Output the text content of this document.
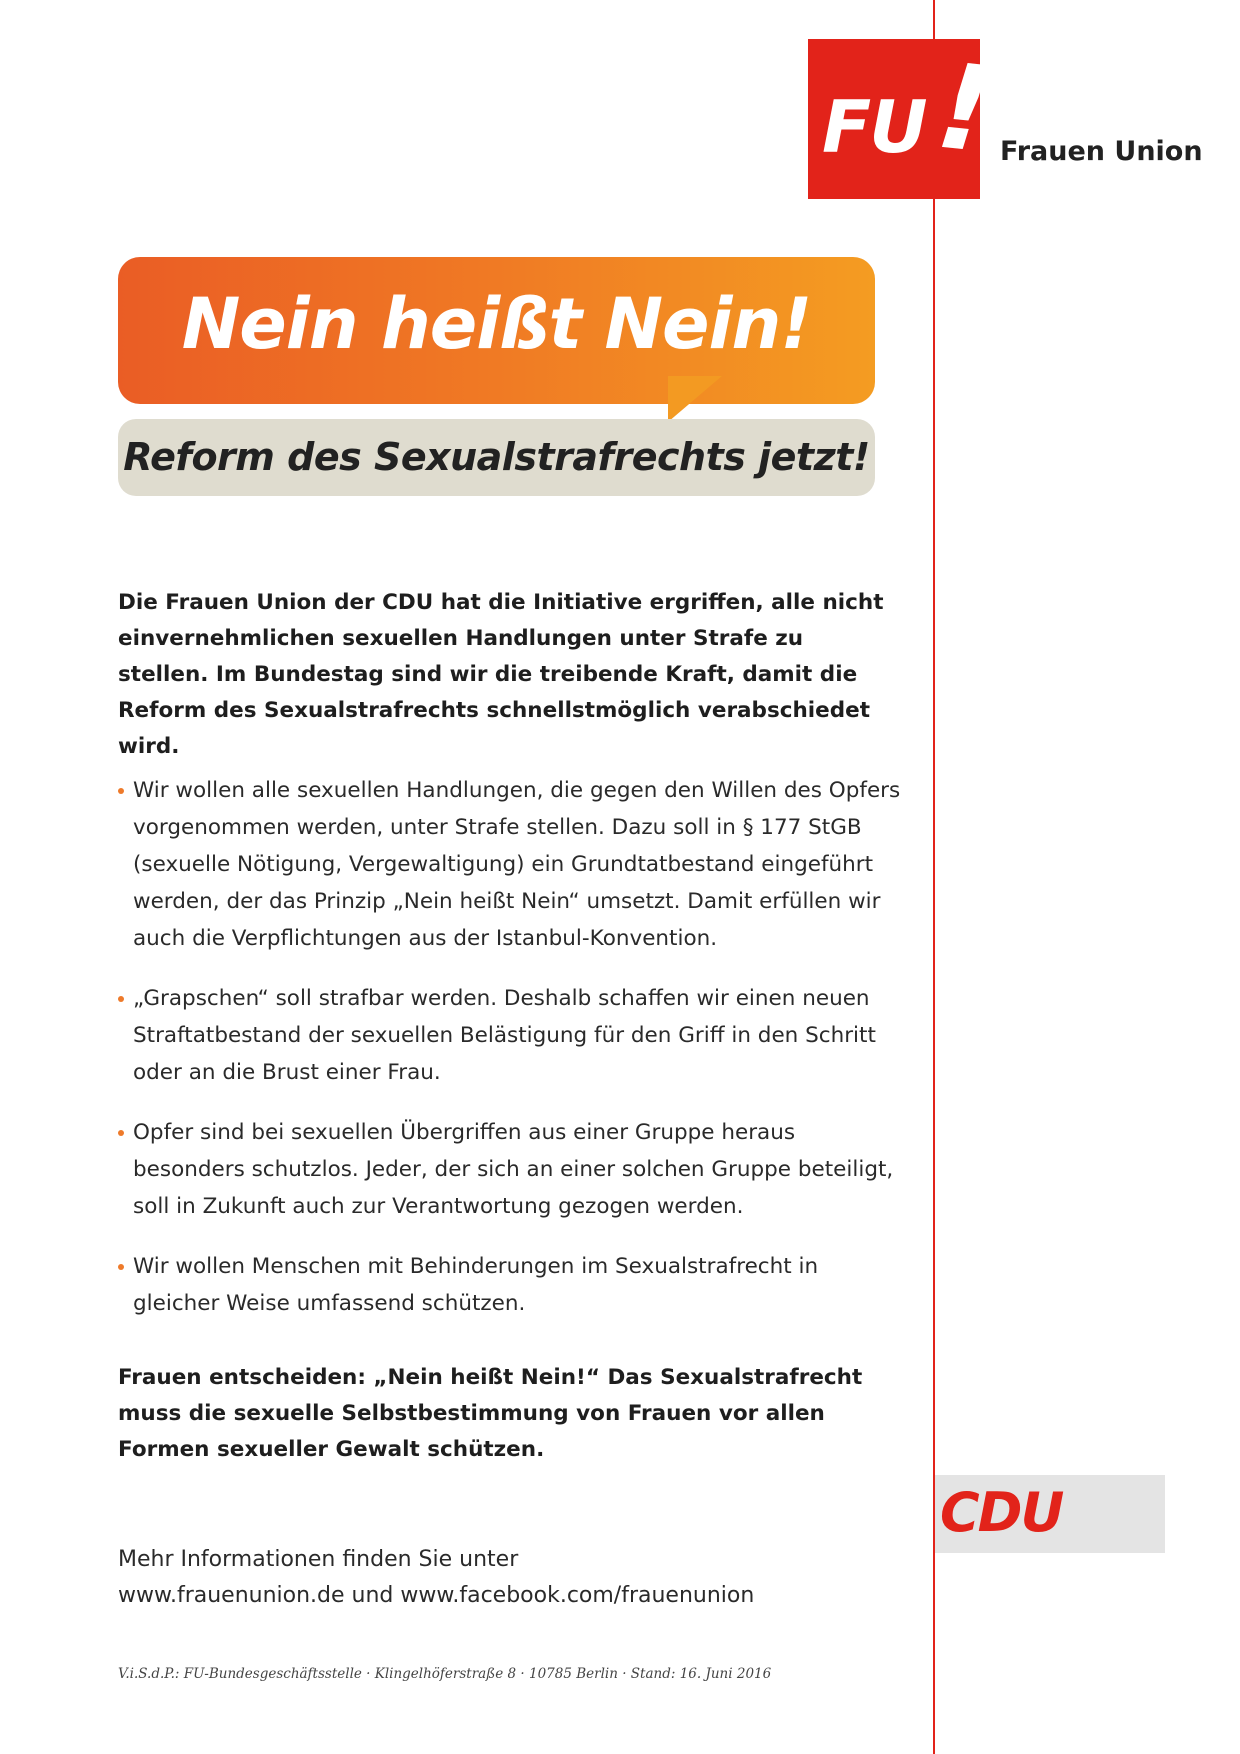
FU ! Frauen Union
Nein heißt Nein!
Reform des Sexualstrafrechts jetzt!

Die Frauen Union der CDU hat die Initiative ergriffen, alle nicht einvernehmlichen sexuellen Handlungen unter Strafe zu stellen. Im Bundestag sind wir die treibende Kraft, damit die Reform des Sexualstrafrechts schnellstmöglich verabschiedet wird.

Wir wollen alle sexuellen Handlungen, die gegen den Willen des Opfers vorgenommen werden, unter Strafe stellen. Dazu soll in § 177 StGB (sexuelle Nötigung, Vergewaltigung) ein Grundtatbestand eingeführt werden, der das Prinzip „Nein heißt Nein“ umsetzt. Damit erfüllen wir auch die Verpflichtungen aus der Istanbul-Konvention.
„Grapschen“ soll strafbar werden. Deshalb schaffen wir einen neuen Straftatbestand der sexuellen Belästigung für den Griff in den Schritt oder an die Brust einer Frau.
Opfer sind bei sexuellen Übergriffen aus einer Gruppe heraus besonders schutzlos. Jeder, der sich an einer solchen Gruppe beteiligt, soll in Zukunft auch zur Verantwortung gezogen werden.
Wir wollen Menschen mit Behinderungen im Sexualstrafrecht in gleicher Weise umfassend schützen.

Frauen entscheiden: „Nein heißt Nein!“ Das Sexualstrafrecht muss die sexuelle Selbstbestimmung von Frauen vor allen Formen sexueller Gewalt schützen.

Mehr Informationen finden Sie unter
www.frauenunion.de und www.facebook.com/frauenunion

V.i.S.d.P.: FU-Bundesgeschäftsstelle · Klingelhöferstraße 8 · 10785 Berlin · Stand: 16. Juni 2016
CDU
